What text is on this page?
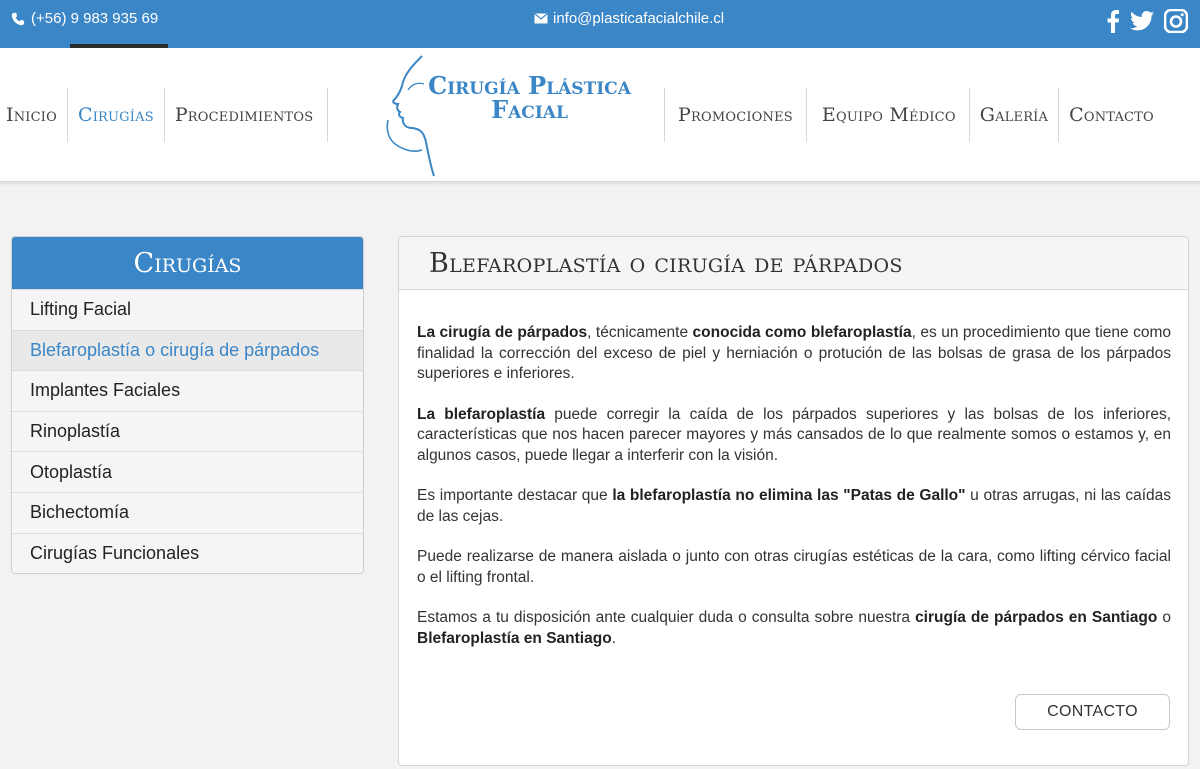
(+56) 9 983 935 69	info@plasticafacialchile.cl
Inicio	Cirugías	Procedimientos
Cirugía Plástica
Facial	Promociones	Equipo Médico	Galería	Contacto
Cirugías
Lifting Facial
Blefaroplastía o cirugía de párpados
Implantes Faciales
Rinoplastía
Otoplastía
Bichectomía
Cirugías Funcionales
Blefaroplastía o cirugía de párpados

La cirugía de párpados, técnicamente conocida como blefaroplastía, es un procedimiento que tiene como finalidad la corrección del exceso de piel y herniación o protución de las bolsas de grasa de los párpados superiores e inferiores.

La blefaroplastía puede corregir la caída de los párpados superiores y las bolsas de los inferiores, características que nos hacen parecer mayores y más cansados de lo que realmente somos o estamos y, en algunos casos, puede llegar a interferir con la visión.

Es importante destacar que la blefaroplastía no elimina las "Patas de Gallo" u otras arrugas, ni las caídas de las cejas.

Puede realizarse de manera aislada o junto con otras cirugías estéticas de la cara, como lifting cérvico facial o el lifting frontal.

Estamos a tu disposición ante cualquier duda o consulta sobre nuestra cirugía de párpados en Santiago o Blefaroplastía en Santiago.

CONTACTO
